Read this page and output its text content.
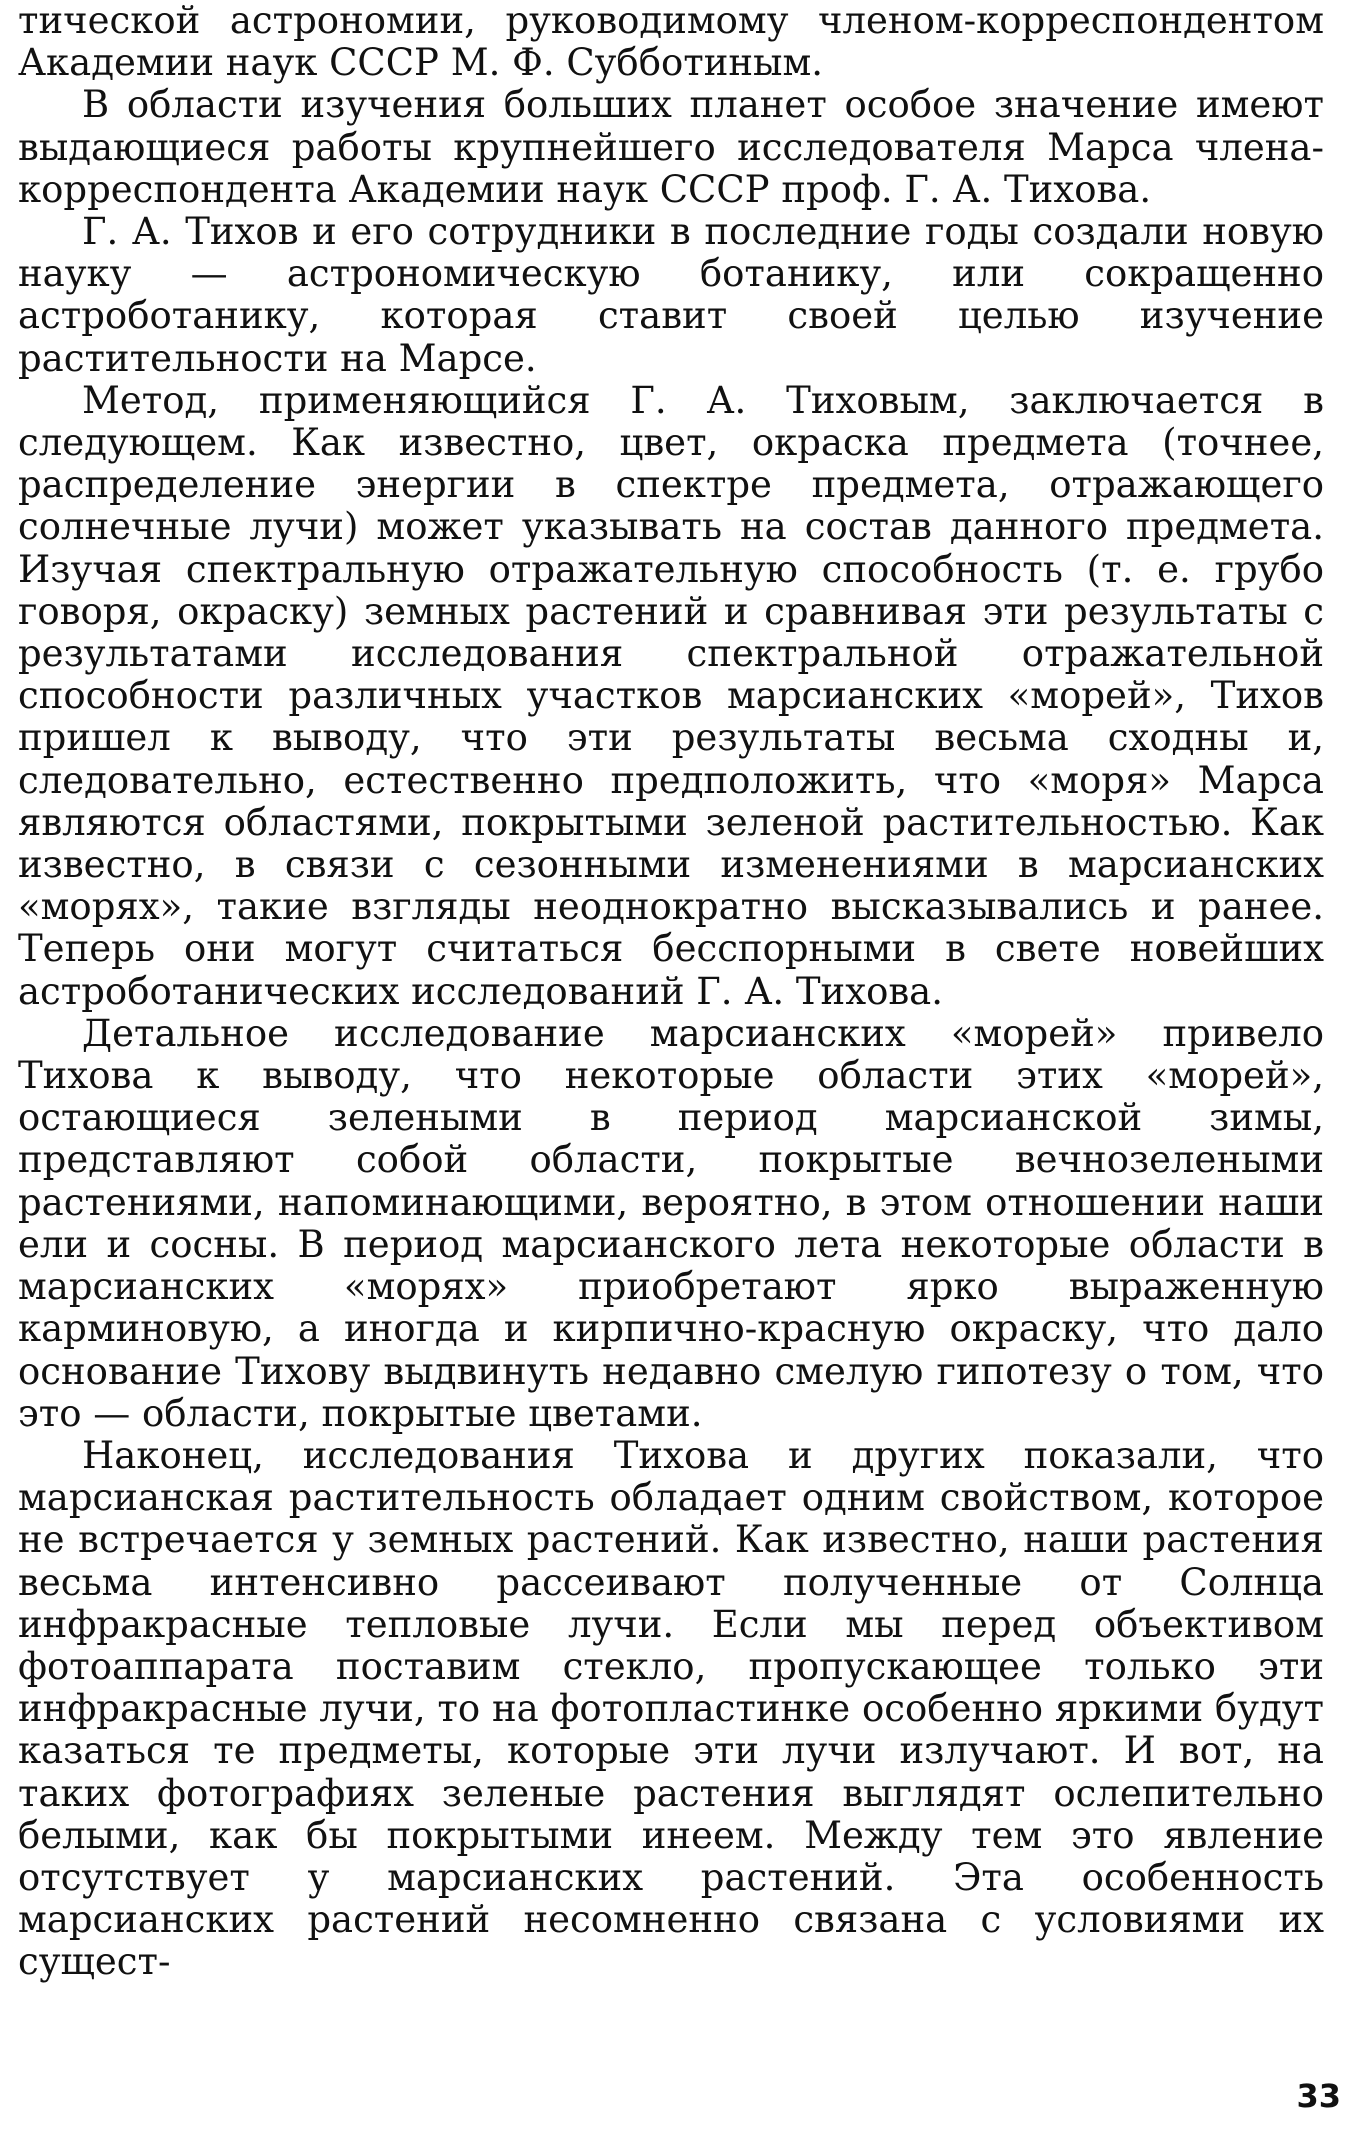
тической астрономии, руководимому членом-корреспондентом Академии наук СССР М. Ф. Субботиным.

В области изучения больших планет особое значение имеют выдающиеся работы крупнейшего исследователя Марса члена-корреспондента Академии наук СССР проф. Г. А. Тихова.

Г. А. Тихов и его сотрудники в последние годы создали новую науку — астрономическую ботанику, или сокращенно астроботанику, которая ставит своей целью изучение растительности на Марсе.

Метод, применяющийся Г. А. Тиховым, заключается в следующем. Как известно, цвет, окраска предмета (точнее, распределение энергии в спектре предмета, отражающего солнечные лучи) может указывать на состав данного предмета. Изучая спектральную отражательную способность (т. е. грубо говоря, окраску) земных растений и сравнивая эти результаты с результатами исследования спектральной отражательной способности различных участков марсианских «морей», Тихов пришел к выводу, что эти результаты весьма сходны и, следовательно, естественно предположить, что «моря» Марса являются областями, покрытыми зеленой растительностью. Как известно, в связи с сезонными изменениями в марсианских «морях», такие взгляды неоднократно высказывались и ранее. Теперь они могут считаться бесспорными в свете новейших астроботанических исследований Г. А. Тихова.

Детальное исследование марсианских «морей» привело Тихова к выводу, что некоторые области этих «морей», остающиеся зелеными в период марсианской зимы, представляют собой области, покрытые вечнозелеными растениями, напоминающими, вероятно, в этом отношении наши ели и сосны. В период марсианского лета некоторые области в марсианских «морях» приобретают ярко выраженную карминовую, а иногда и кирпично-красную окраску, что дало основание Тихову выдвинуть недавно смелую гипотезу о том, что это — области, покрытые цветами.

Наконец, исследования Тихова и других показали, что марсианская растительность обладает одним свойством, которое не встречается у земных растений. Как известно, наши растения весьма интенсивно рассеивают полученные от Солнца инфракрасные тепловые лучи. Если мы перед объективом фотоаппарата поставим стекло, пропускающее только эти инфракрасные лучи, то на фотопластинке особенно яркими будут казаться те предметы, которые эти лучи излучают. И вот, на таких фотографиях зеленые растения выглядят ослепительно белыми, как бы покрытыми инеем. Между тем это явление отсутствует у марсианских растений. Эта особенность марсианских растений несомненно связана с условиями их сущест-

33
